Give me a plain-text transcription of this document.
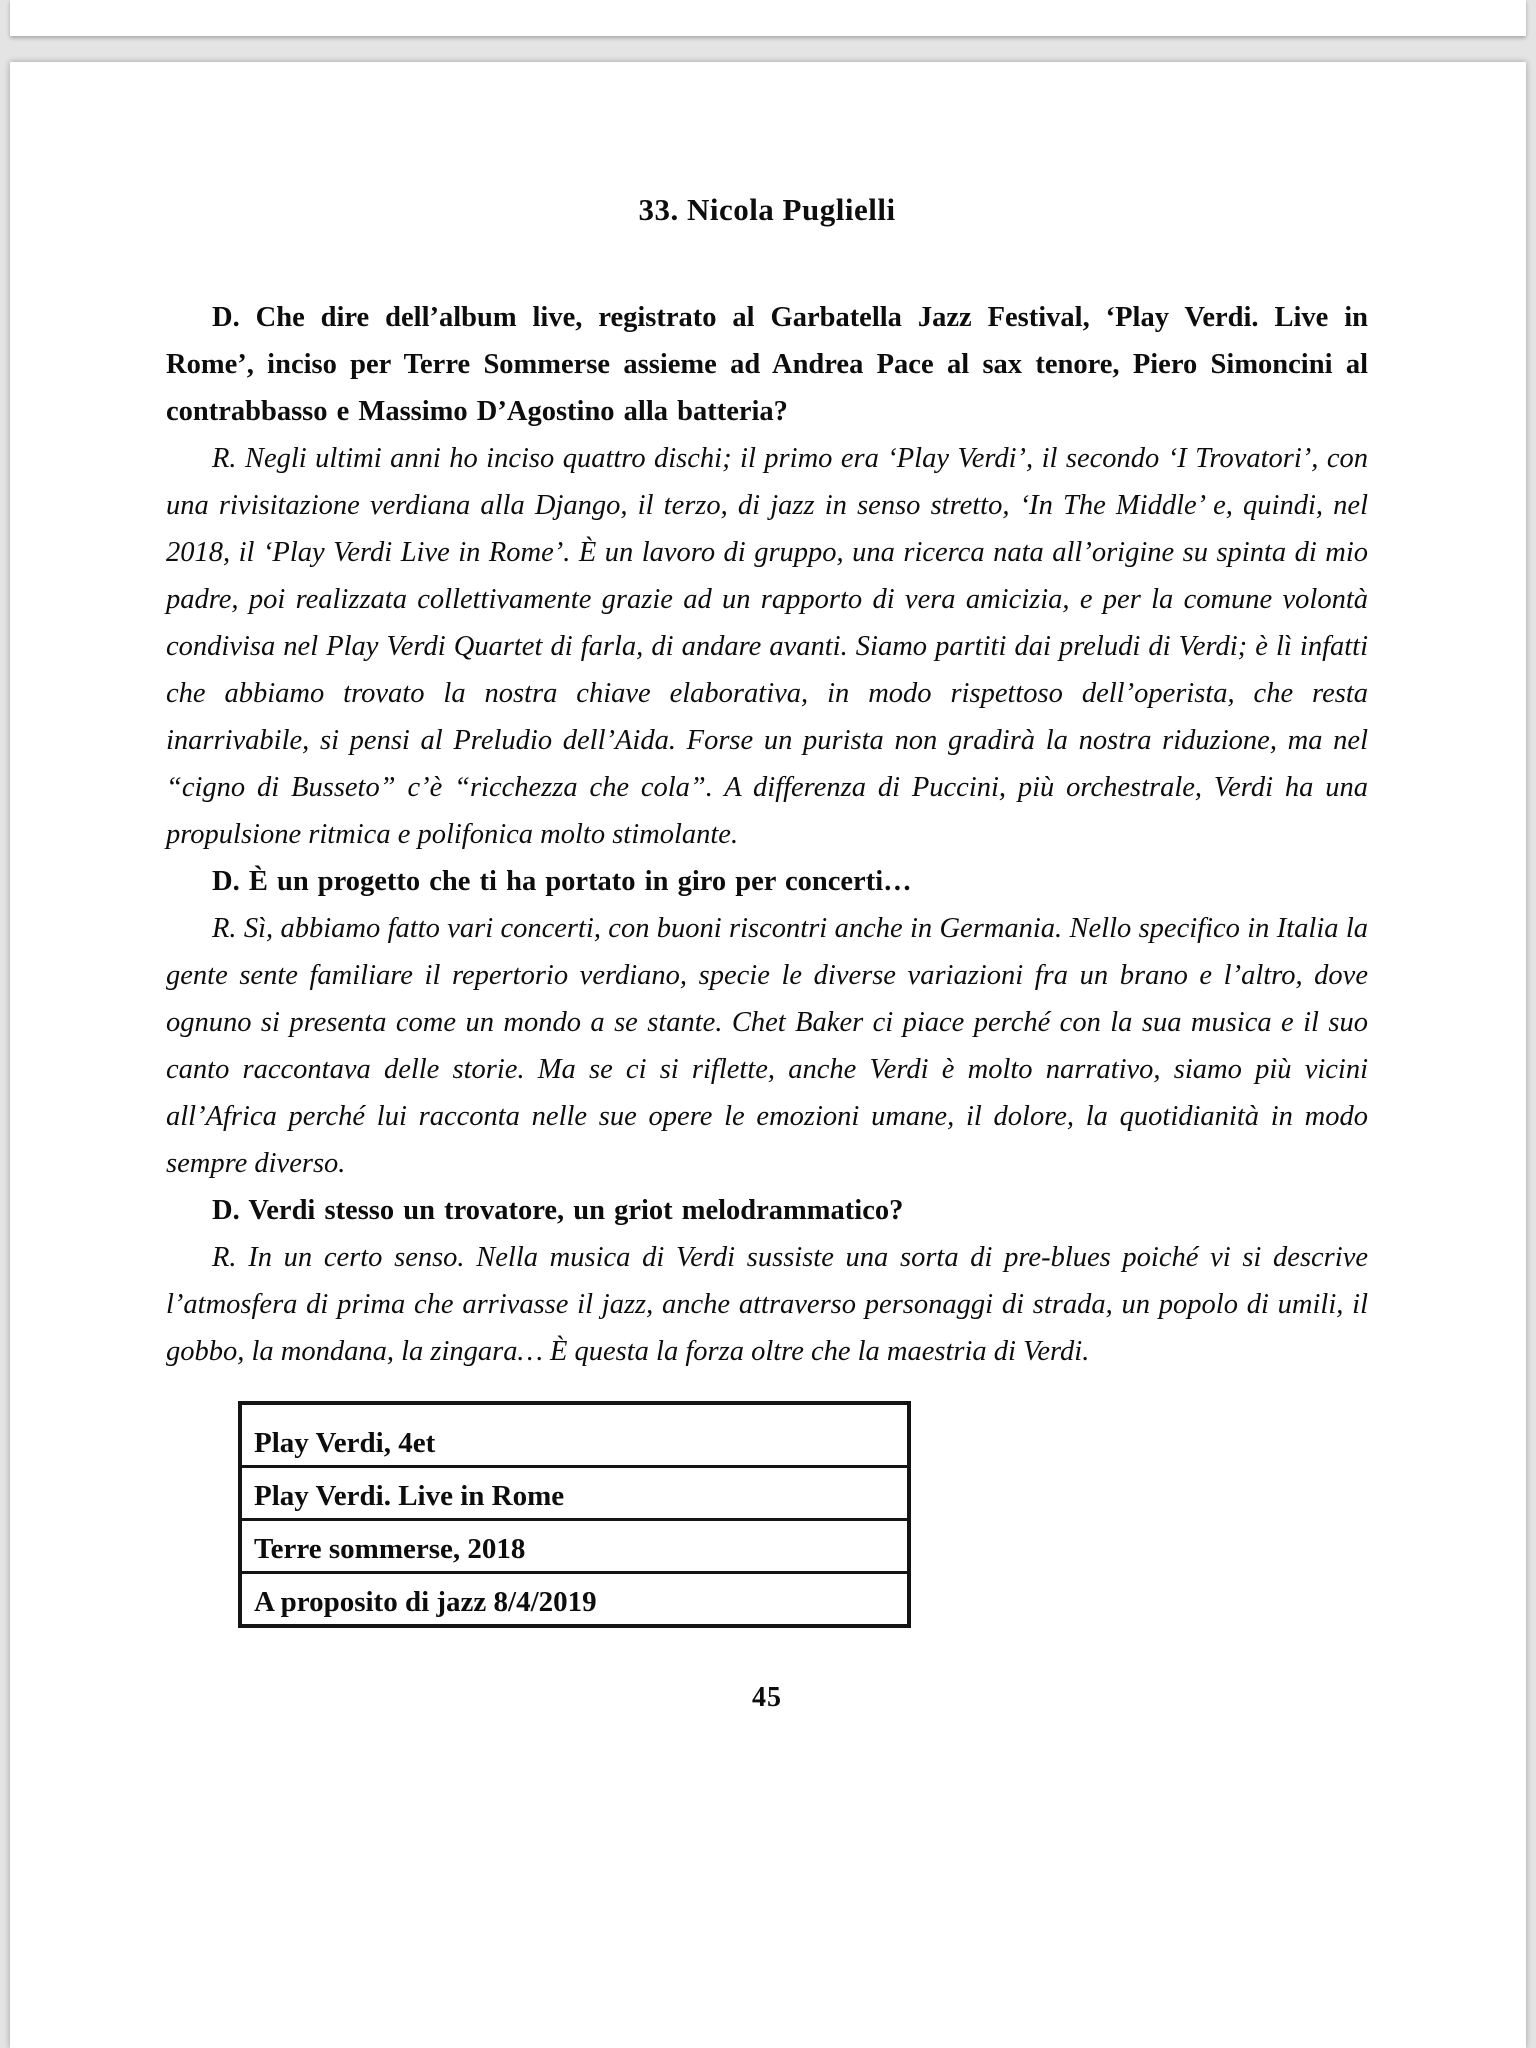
33. Nicola Puglielli

D. Che dire dell’album live, registrato al Garbatella Jazz Festival, ‘Play Verdi. Live in Rome’, inciso per Terre Sommerse assieme ad Andrea Pace al sax tenore, Piero Simoncini al contrabbasso e Massimo D’Agostino alla batteria?

R. Negli ultimi anni ho inciso quattro dischi; il primo era ‘Play Verdi’, il secondo ‘I Trovatori’, con una rivisitazione verdiana alla Django, il terzo, di jazz in senso stretto, ‘In The Middle’ e, quindi, nel 2018, il ‘Play Verdi Live in Rome’. È un lavoro di gruppo, una ricerca nata all’origine su spinta di mio padre, poi realizzata collettivamente grazie ad un rapporto di vera amicizia, e per la comune volontà condivisa nel Play Verdi Quartet di farla, di andare avanti. Siamo partiti dai preludi di Verdi; è lì infatti che abbiamo trovato la nostra chiave elaborativa, in modo rispettoso dell’operista, che resta inarrivabile, si pensi al Preludio dell’Aida. Forse un purista non gradirà la nostra riduzione, ma nel “cigno di Busseto” c’è “ricchezza che cola”. A differenza di Puccini, più orchestrale, Verdi ha una propulsione ritmica e polifonica molto stimolante.

D. È un progetto che ti ha portato in giro per concerti…

R. Sì, abbiamo fatto vari concerti, con buoni riscontri anche in Germania. Nello specifico in Italia la gente sente familiare il repertorio verdiano, specie le diverse variazioni fra un brano e l’altro, dove ognuno si presenta come un mondo a se stante. Chet Baker ci piace perché con la sua musica e il suo canto raccontava delle storie. Ma se ci si riflette, anche Verdi è molto narrativo, siamo più vicini all’Africa perché lui racconta nelle sue opere le emozioni umane, il dolore, la quotidianità in modo sempre diverso.

D. Verdi stesso un trovatore, un griot melodrammatico?

R. In un certo senso. Nella musica di Verdi sussiste una sorta di pre-blues poiché vi si descrive l’atmosfera di prima che arrivasse il jazz, anche attraverso personaggi di strada, un popolo di umili, il gobbo, la mondana, la zingara… È questa la forza oltre che la maestria di Verdi.

Play Verdi, 4et
Play Verdi. Live in Rome
Terre sommerse, 2018
A proposito di jazz 8/4/2019
45
